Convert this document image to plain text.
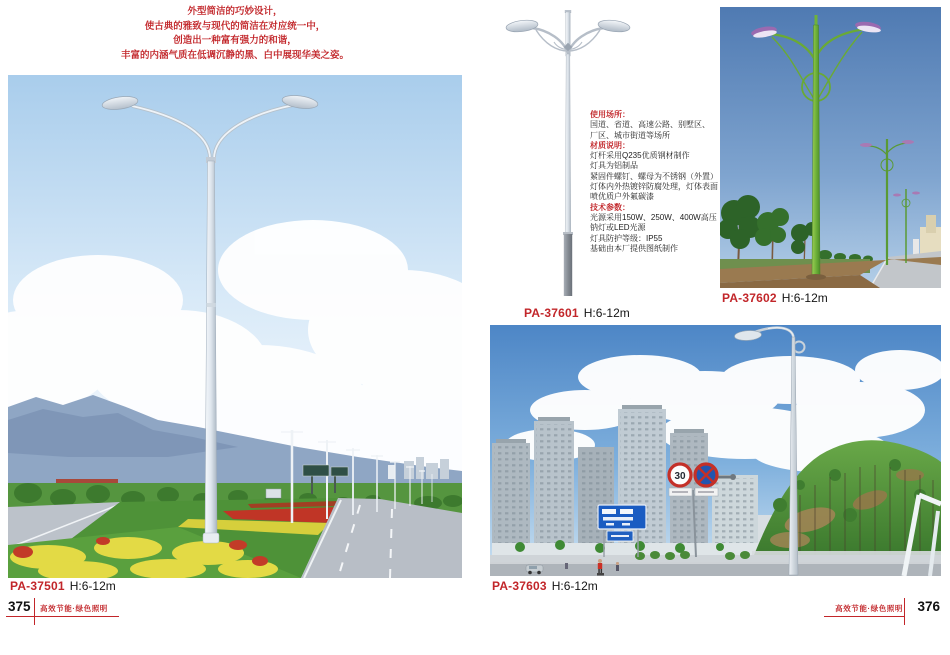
外型简洁的巧妙设计，
使古典的雅致与现代的简洁在对应统一中，
创造出一种富有强力的和谐，
丰富的内涵气质在低调沉静的黑、白中展现华美之姿。
PA-37501 H:6-12m
PA-37601 H:6-12m
使用场所：
国道、省道、高速公路、别墅区、
厂区、城市街道等场所
材质说明：
灯杆采用Q235优质钢材制作
灯具为铝制品
紧固件螺钉、螺母为不锈钢（外置）
灯体内外热镀锌防腐处理，灯体表面
喷优质户外氟碳漆
技术参数：
光源采用150W、250W、400W高压
钠灯或LED光源
灯具防护等级：IP55
基础由本厂提供图纸制作
PA-37602 H:6-12m
30
PA-37603 H:6-12m
375 高效节能·绿色照明	高效节能·绿色照明 376
